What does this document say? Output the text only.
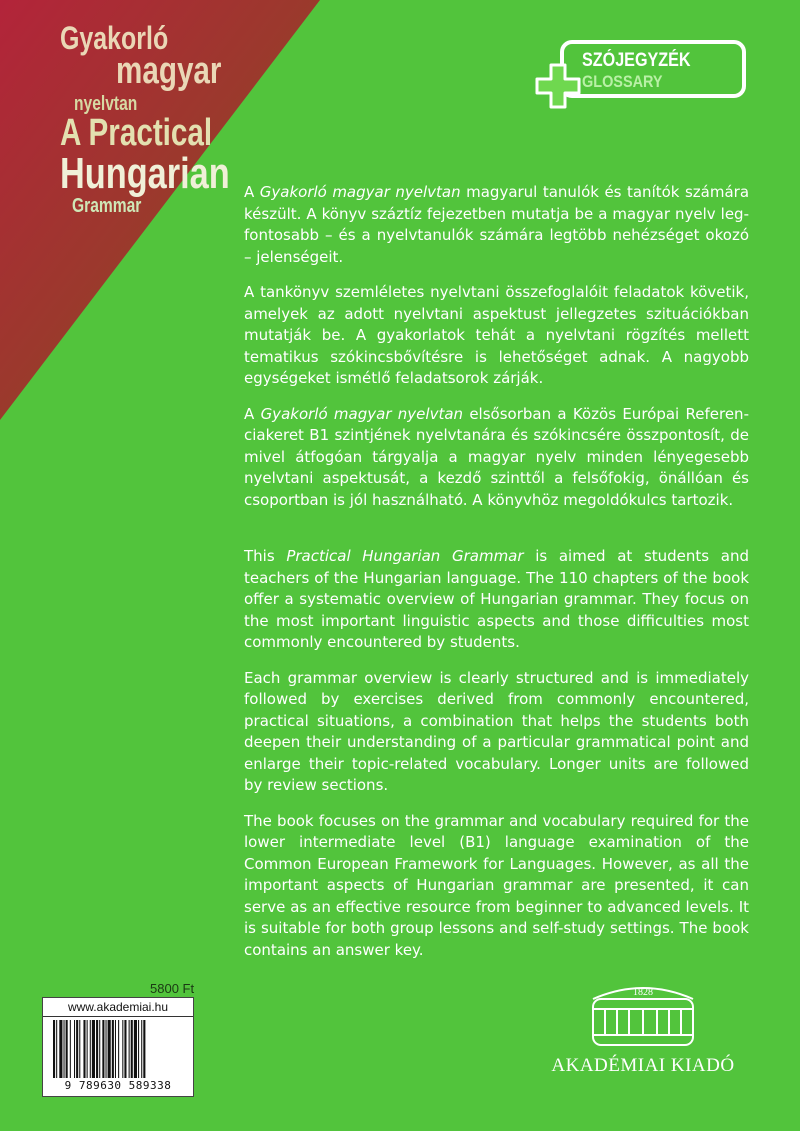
Gyakorló
magyar
nyelvtan
A Practical
Hungarian
Grammar
SZÓJEGYZÉK
GLOSSARY

A Gyakorló magyar nyelvtan magyarul tanulók és tanítók számára készült. A könyv száztíz fejezetben mutatja be a magyar nyelv legfontosabb – és a nyelvtanulók számára legtöbb nehézséget okozó – jelenségeit.

A tankönyv szemléletes nyelvtani összefoglalóit feladatok követik, amelyek az adott nyelvtani aspektust jellegzetes szituációkban mutatják be. A gyakorlatok tehát a nyelvtani rögzítés mellett tematikus szókincsbővítésre is lehetőséget adnak. A nagyobb egységeket ismétlő feladatsorok zárják.

A Gyakorló magyar nyelvtan elsősorban a Közös Európai Referenciakeret B1 szintjének nyelvtanára és szókincsére összpontosít, de mivel átfogóan tárgyalja a magyar nyelv minden lényegesebb nyelvtani aspektusát, a kezdő szinttől a felsőfokig, önállóan és csoportban is jól használható. A könyvhöz megoldókulcs tartozik.

This Practical Hungarian Grammar is aimed at students and teachers of the Hungarian language. The 110 chapters of the book offer a systematic overview of Hungarian grammar. They focus on the most important linguistic aspects and those difficulties most commonly encountered by students.

Each grammar overview is clearly structured and is immediately followed by exercises derived from commonly encountered, practical situations, a combination that helps the students both deepen their understanding of a particular grammatical point and enlarge their topic-related vocabulary. Longer units are followed by review sections.

The book focuses on the grammar and vocabulary required for the lower intermediate level (B1) language examination of the Common European Framework for Languages. However, as all the important aspects of Hungarian grammar are presented, it can serve as an effective resource from beginner to advanced levels. It is suitable for both group lessons and self-study settings. The book contains an answer key.

5800 Ft
www.akademiai.hu
9 789630 589338
1828
AKADÉMIAI KIADÓ
